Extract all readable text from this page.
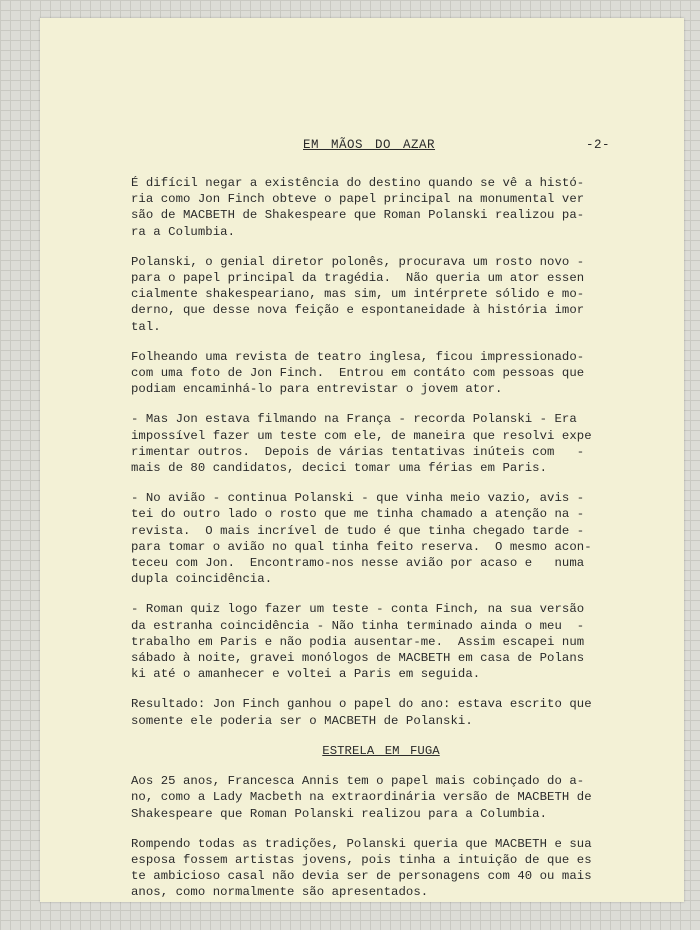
EM MÃOS DO AZAR	-2-
É difícil negar a existência do destino quando se vê a histó-
ria como Jon Finch obteve o papel principal na monumental ver
são de MACBETH de Shakespeare que Roman Polanski realizou pa-
ra a Columbia.
Polanski, o genial diretor polonês, procurava um rosto novo -
para o papel principal da tragédia.  Não queria um ator essen
cialmente shakespeariano, mas sim, um intérprete sólido e mo-
derno, que desse nova feição e espontaneidade à história imor
tal.
Folheando uma revista de teatro inglesa, ficou impressionado-
com uma foto de Jon Finch.  Entrou em contáto com pessoas que
podiam encaminhá-lo para entrevistar o jovem ator.
- Mas Jon estava filmando na França - recorda Polanski - Era
impossível fazer um teste com ele, de maneira que resolvi expe
rimentar outros.  Depois de várias tentativas inúteis com   -
mais de 80 candidatos, decici tomar uma férias em Paris.
- No avião - continua Polanski - que vinha meio vazio, avis -
tei do outro lado o rosto que me tinha chamado a atenção na -
revista.  O mais incrível de tudo é que tinha chegado tarde -
para tomar o avião no qual tinha feito reserva.  O mesmo acon-
teceu com Jon.  Encontramo-nos nesse avião por acaso e   numa
dupla coincidência.
- Roman quiz logo fazer um teste - conta Finch, na sua versão
da estranha coincidência - Não tinha terminado ainda o meu  -
trabalho em Paris e não podia ausentar-me.  Assim escapei num
sábado à noite, gravei monólogos de MACBETH em casa de Polans
ki até o amanhecer e voltei a Paris em seguida.
Resultado: Jon Finch ganhou o papel do ano: estava escrito que
somente ele poderia ser o MACBETH de Polanski.
ESTRELA EM FUGA
Aos 25 anos, Francesca Annis tem o papel mais cobinçado do a-
no, como a Lady Macbeth na extraordinária versão de MACBETH de
Shakespeare que Roman Polanski realizou para a Columbia.
Rompendo todas as tradições, Polanski queria que MACBETH e sua
esposa fossem artistas jovens, pois tinha a intuição de que es
te ambicioso casal não devia ser de personagens com 40 ou mais
anos, como normalmente são apresentados.
